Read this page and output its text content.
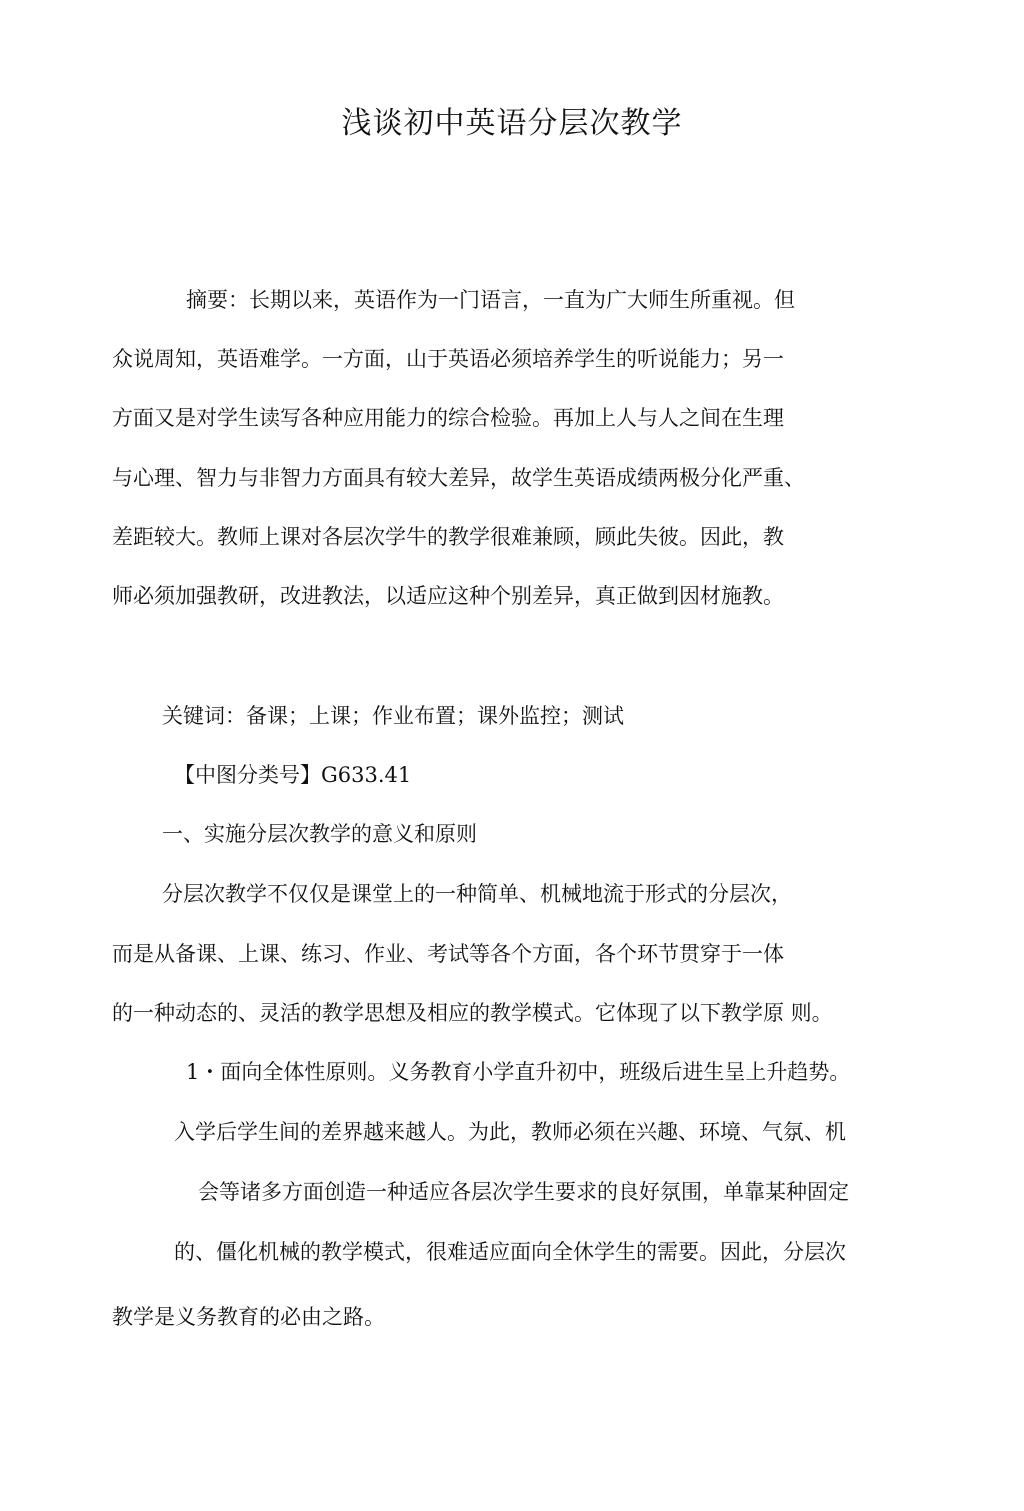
浅谈初中英语分层次教学
摘要：长期以来，英语作为一门语言，一直为广大师生所重视。但
众说周知，英语难学。一方面，山于英语必须培养学生的听说能力；另一
方面又是对学生读写各种应用能力的综合检验。再加上人与人之间在生理
与心理、智力与非智力方面具有较大差异，故学生英语成绩两极分化严重、
差距较大。教师上课对各层次学牛的教学很难兼顾，顾此失彼。因此，教
师必须加强教研，改进教法，以适应这种个别差异，真正做到因材施教。
关键词：备课；上课；作业布置；课外监控；测试
【中图分类号】G633.41
一、实施分层次教学的意义和原则
分层次教学不仅仅是课堂上的一种简单、机械地流于形式的分层次，
而是从备课、上课、练习、作业、考试等各个方面，各个环节贯穿于一体
的一种动态的、灵活的教学思想及相应的教学模式。它体现了以下教学原 则。
1・面向全体性原则。义务教育小学直升初中，班级后进生呈上升趋势。
入学后学生间的差界越来越人。为此，教师必须在兴趣、环境、气氛、机
会等诸多方面创造一种适应各层次学生要求的良好氛围，单靠某种固定
的、僵化机械的教学模式，很难适应面向全休学生的需要。因此，分层次
教学是义务教育的必由之路。
